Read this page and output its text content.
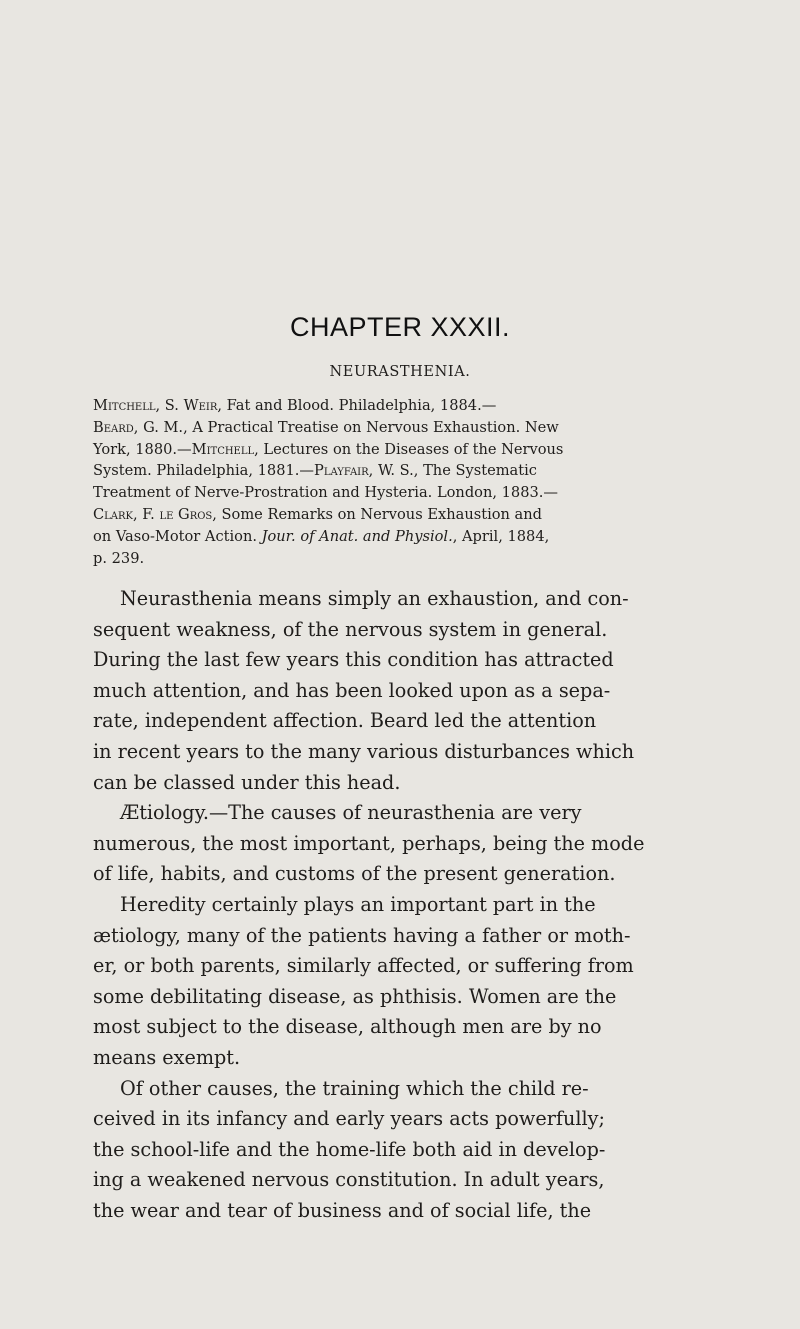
CHAPTER XXXII.
NEURASTHENIA.
Mitchell, S. Weir, Fat and Blood. Philadelphia, 1884.—
Beard, G. M., A Practical Treatise on Nervous Exhaustion. New
York, 1880.—Mitchell, Lectures on the Diseases of the Nervous
System. Philadelphia, 1881.—Playfair, W. S., The Systematic
Treatment of Nerve-Prostration and Hysteria. London, 1883.—
Clark, F. le Gros, Some Remarks on Nervous Exhaustion and
on Vaso-Motor Action. Jour. of Anat. and Physiol., April, 1884,
p. 239.
Neurasthenia means simply an exhaustion, and con-
sequent weakness, of the nervous system in general.
During the last few years this condition has attracted
much attention, and has been looked upon as a sepa-
rate, independent affection. Beard led the attention
in recent years to the many various disturbances which
can be classed under this head.
Ætiology.—The causes of neurasthenia are very
numerous, the most important, perhaps, being the mode
of life, habits, and customs of the present generation.
Heredity certainly plays an important part in the
ætiology, many of the patients having a father or moth-
er, or both parents, similarly affected, or suffering from
some debilitating disease, as phthisis. Women are the
most subject to the disease, although men are by no
means exempt.
Of other causes, the training which the child re-
ceived in its infancy and early years acts powerfully;
the school-life and the home-life both aid in develop-
ing a weakened nervous constitution. In adult years,
the wear and tear of business and of social life, the
